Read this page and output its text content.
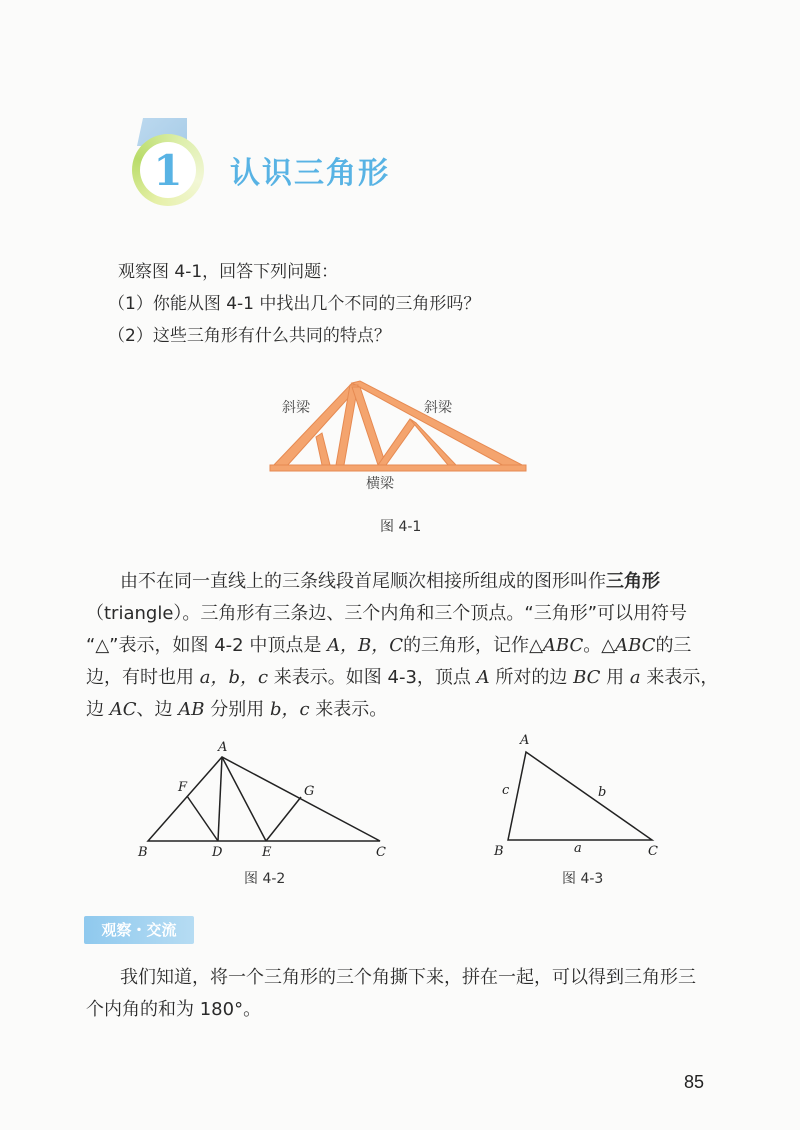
1	认识三角形
观察图 4-1，回答下列问题：
（1）你能从图 4-1 中找出几个不同的三角形吗？
（2）这些三角形有什么共同的特点？
斜梁	斜梁
横梁
图 4-1

由不在同一直线上的三条线段首尾顺次相接所组成的图形叫作三角形

（triangle）。三角形有三条边、三个内角和三个顶点。“三角形”可以用符号

“△”表示，如图 4-2 中顶点是 A，B，C的三角形，记作△ABC。△ABC的三

边，有时也用 a，b，c 来表示。如图 4-3，顶点 A 所对的边 BC 用 a 来表示，

边 AC、边 AB 分别用 b，c 来表示。

A
B	C
D	E
F	G
图 4-2
A
B	C
a
b
c
图 4-3
观察・交流

我们知道，将一个三角形的三个角撕下来，拼在一起，可以得到三角形三

个内角的和为 180°。

85
